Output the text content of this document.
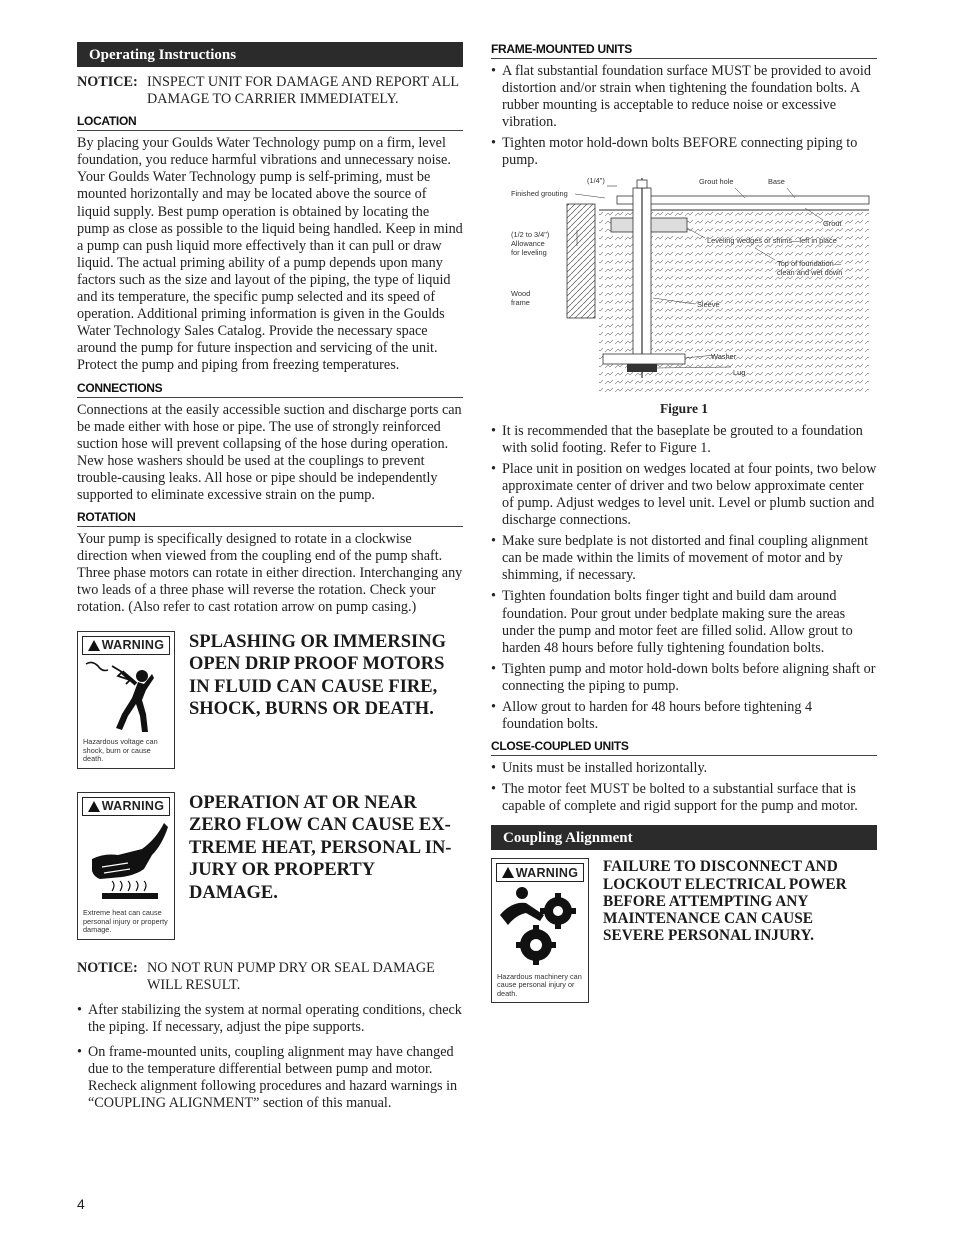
Operating Instructions
NOTICE: INSPECT UNIT FOR DAMAGE AND REPORT ALL DAMAGE TO CARRIER IMMEDIATELY.
LOCATION

By placing your Goulds Water Technology pump on a firm, level foundation, you reduce harmful vibrations and unnecessary noise. Your Goulds Water Technology pump is self-priming, must be mounted horizontally and may be located above the source of liquid supply. Best pump operation is obtained by locating the pump as close as possible to the liquid being handled. Keep in mind a pump can push liquid more effectively than it can pull or draw liquid. The actual priming ability of a pump depends upon many factors such as the size and layout of the piping, the type of liquid and its temperature, the specific pump selected and its speed of operation. Additional priming information is given in the Goulds Water Technology Sales Catalog. Provide the necessary space around the pump for future inspection and servicing of the unit. Protect the pump and piping from freezing temperatures.

CONNECTIONS

Connections at the easily accessible suction and discharge ports can be made either with hose or pipe. The use of strongly reinforced suction hose will prevent collapsing of the hose during operation. New hose washers should be used at the couplings to prevent trouble-causing leaks. All hose or pipe should be independently supported to eliminate excessive strain on the pump.

ROTATION

Your pump is specifically designed to rotate in a clockwise direction when viewed from the coupling end of the pump shaft. Three phase motors can rotate in either direction. Interchanging any two leads of a three phase will reverse the rotation. Check your rotation. (Also refer to cast rotation arrow on pump casing.)

WARNING
Hazardous voltage can shock, burn or cause death.
SPLASHING OR IMMERSING OPEN DRIP PROOF MOTORS IN FLUID CAN CAUSE FIRE, SHOCK, BURNS OR DEATH.
WARNING
Extreme heat can cause personal injury or property damage.
OPERATION AT OR NEAR ZERO FLOW CAN CAUSE EX-TREME HEAT, PERSONAL IN-JURY OR PROPERTY DAMAGE.
NOTICE: NO NOT RUN PUMP DRY OR SEAL DAMAGE WILL RESULT.
• After stabilizing the system at normal operating conditions, check the piping. If necessary, adjust the pipe supports.
• On frame-mounted units, coupling alignment may have changed due to the temperature differential between pump and motor. Recheck alignment following procedures and hazard warnings in “COUPLING ALIGNMENT” section of this manual.
FRAME-MOUNTED UNITS
• A flat substantial foundation surface MUST be provided to avoid distortion and/or strain when tightening the foundation bolts. A rubber mounting is acceptable to reduce noise or excessive vibration.
• Tighten motor hold-down bolts BEFORE connecting piping to pump.
(1/4")
Finished grouting
Grout hole	Base
Grout
(1/2 to 3/4")
Allowance
for leveling
Leveling wedges or shims—left in place
Top of foundation—
clean and wet down
Wood
frame	Sleeve
Washer
Lug
Figure 1
• It is recommended that the baseplate be grouted to a foundation with solid footing. Refer to Figure 1.
• Place unit in position on wedges located at four points, two below approximate center of driver and two below approximate center of pump. Adjust wedges to level unit. Level or plumb suction and discharge connections.
• Make sure bedplate is not distorted and final coupling alignment can be made within the limits of movement of motor and by shimming, if necessary.
• Tighten foundation bolts finger tight and build dam around foundation. Pour grout under bedplate making sure the areas under the pump and motor feet are filled solid. Allow grout to harden 48 hours before fully tightening foundation bolts.
• Tighten pump and motor hold-down bolts before aligning shaft or connecting the piping to pump.
• Allow grout to harden for 48 hours before tightening 4 foundation bolts.
CLOSE-COUPLED UNITS
• Units must be installed horizontally.
• The motor feet MUST be bolted to a substantial surface that is capable of complete and rigid support for the pump and motor.
Coupling Alignment
WARNING
Hazardous machinery can cause personal injury or death.
FAILURE TO DISCONNECT AND LOCKOUT ELECTRICAL POWER BEFORE ATTEMPTING ANY MAINTENANCE CAN CAUSE SEVERE PERSONAL INJURY.
4
